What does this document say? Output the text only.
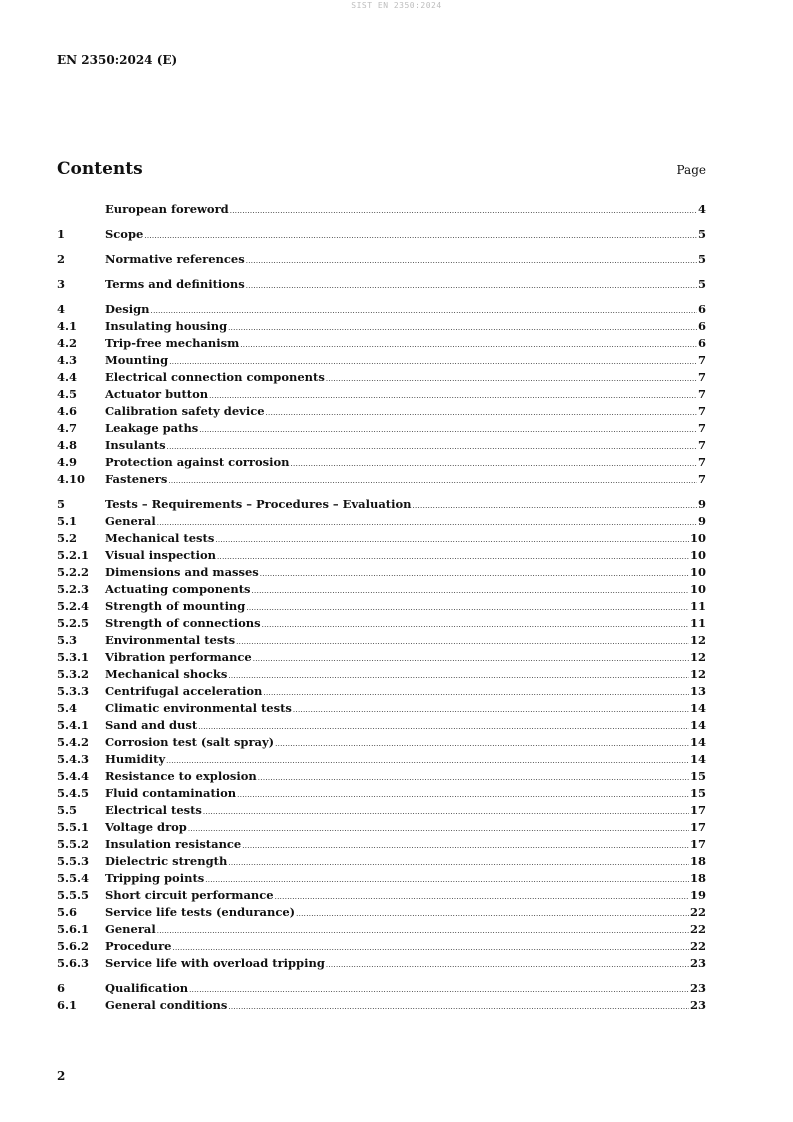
SIST EN 2350:2024
EN 2350:2024 (E)
Contents	Page
European foreword .....	4
1	Scope .....	5
2	Normative references .....	5
3	Terms and definitions .....	5
4	Design .....	6
4.1	Insulating housing .....	6
4.2	Trip-free mechanism .....	6
4.3	Mounting .....	7
4.4	Electrical connection components .....	7
4.5	Actuator button .....	7
4.6	Calibration safety device .....	7
4.7	Leakage paths .....	7
4.8	Insulants .....	7
4.9	Protection against corrosion .....	7
4.10	Fasteners .....	7
5	Tests – Requirements – Procedures – Evaluation .....	9
5.1	General .....	9
5.2	Mechanical tests .....	10
5.2.1	Visual inspection .....	10
5.2.2	Dimensions and masses .....	10
5.2.3	Actuating components .....	10
5.2.4	Strength of mounting .....	11
5.2.5	Strength of connections .....	11
5.3	Environmental tests .....	12
5.3.1	Vibration performance .....	12
5.3.2	Mechanical shocks .....	12
5.3.3	Centrifugal acceleration .....	13
5.4	Climatic environmental tests .....	14
5.4.1	Sand and dust .....	14
5.4.2	Corrosion test (salt spray) .....	14
5.4.3	Humidity .....	14
5.4.4	Resistance to explosion .....	15
5.4.5	Fluid contamination .....	15
5.5	Electrical tests .....	17
5.5.1	Voltage drop .....	17
5.5.2	Insulation resistance .....	17
5.5.3	Dielectric strength .....	18
5.5.4	Tripping points .....	18
5.5.5	Short circuit performance .....	19
5.6	Service life tests (endurance) .....	22
5.6.1	General .....	22
5.6.2	Procedure .....	22
5.6.3	Service life with overload tripping .....	23
6	Qualification .....	23
6.1	General conditions .....	23
2
